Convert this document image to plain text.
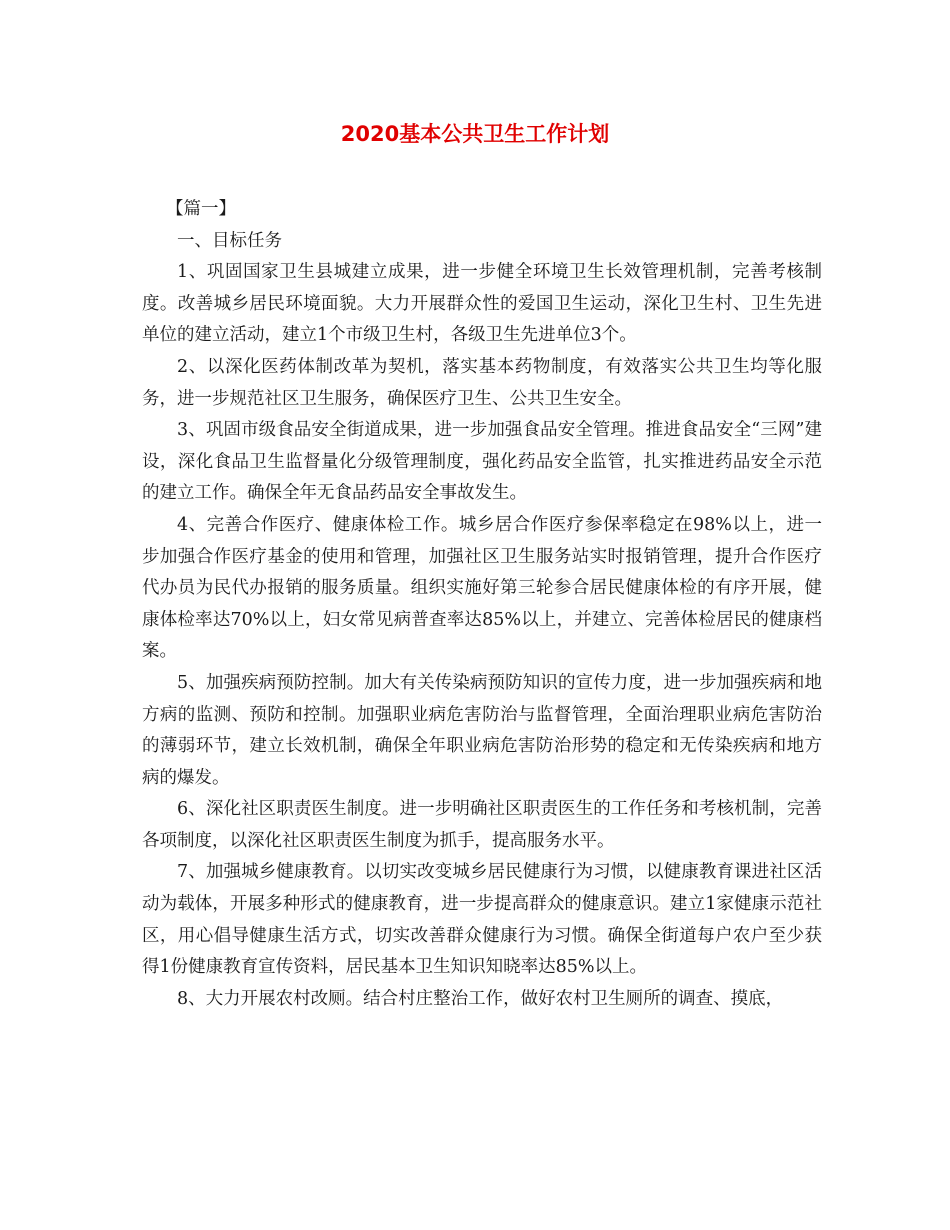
2020基本公共卫生工作计划

【篇一】

一、目标任务

1、巩固国家卫生县城建立成果，进一步健全环境卫生长效管理机制，完善考核制度。改善城乡居民环境面貌。大力开展群众性的爱国卫生运动，深化卫生村、卫生先进单位的建立活动，建立1个市级卫生村，各级卫生先进单位3个。

2、以深化医药体制改革为契机，落实基本药物制度，有效落实公共卫生均等化服务，进一步规范社区卫生服务，确保医疗卫生、公共卫生安全。

3、巩固市级食品安全街道成果，进一步加强食品安全管理。推进食品安全“三网”建设，深化食品卫生监督量化分级管理制度，强化药品安全监管，扎实推进药品安全示范的建立工作。确保全年无食品药品安全事故发生。

4、完善合作医疗、健康体检工作。城乡居合作医疗参保率稳定在98%以上，进一步加强合作医疗基金的使用和管理，加强社区卫生服务站实时报销管理，提升合作医疗代办员为民代办报销的服务质量。组织实施好第三轮参合居民健康体检的有序开展，健康体检率达70%以上，妇女常见病普查率达85%以上，并建立、完善体检居民的健康档案。

5、加强疾病预防控制。加大有关传染病预防知识的宣传力度，进一步加强疾病和地方病的监测、预防和控制。加强职业病危害防治与监督管理，全面治理职业病危害防治的薄弱环节，建立长效机制，确保全年职业病危害防治形势的稳定和无传染疾病和地方病的爆发。

6、深化社区职责医生制度。进一步明确社区职责医生的工作任务和考核机制，完善各项制度，以深化社区职责医生制度为抓手，提高服务水平。

7、加强城乡健康教育。以切实改变城乡居民健康行为习惯，以健康教育课进社区活动为载体，开展多种形式的健康教育，进一步提高群众的健康意识。建立1家健康示范社区，用心倡导健康生活方式，切实改善群众健康行为习惯。确保全街道每户农户至少获得1份健康教育宣传资料，居民基本卫生知识知晓率达85%以上。

8、大力开展农村改厕。结合村庄整治工作，做好农村卫生厕所的调查、摸底，
